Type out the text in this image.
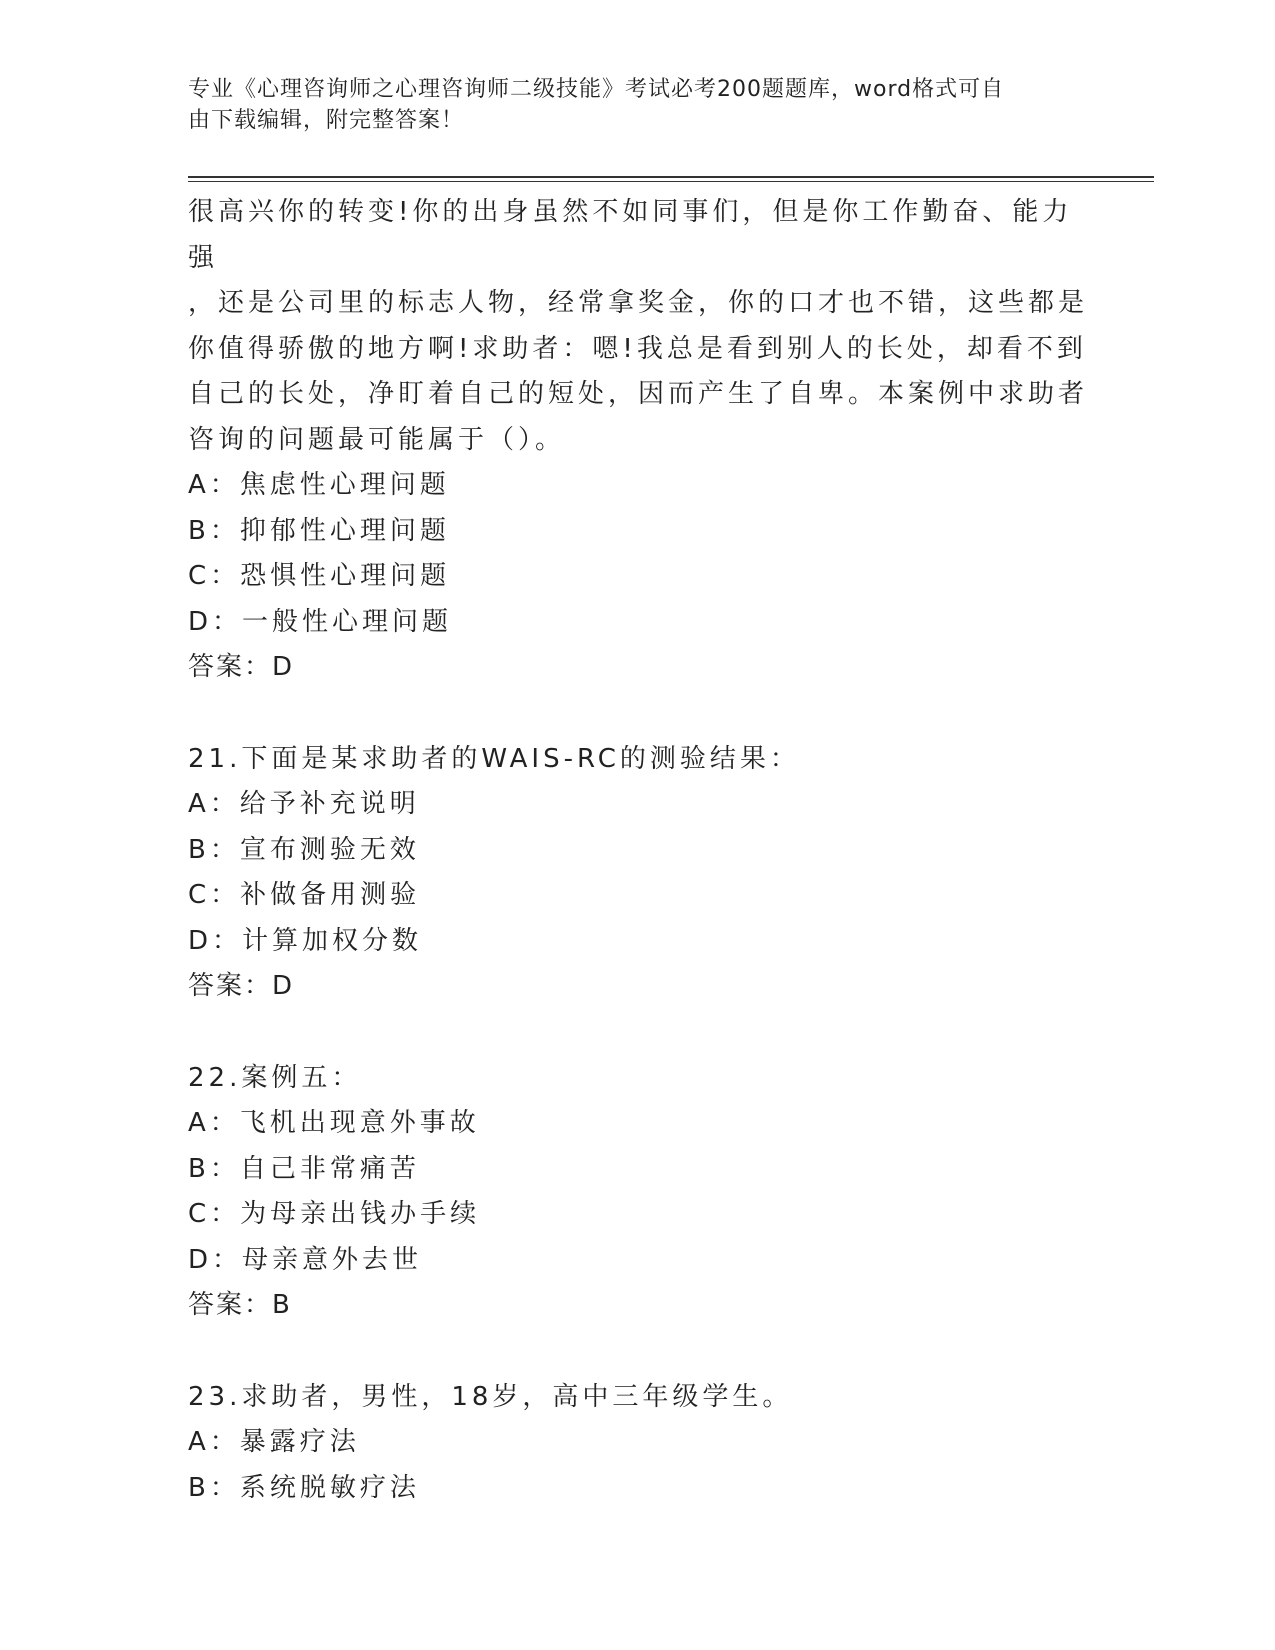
专业《心理咨询师之心理咨询师二级技能》考试必考200题题库，word格式可自
由下载编辑，附完整答案！

很高兴你的转变!你的出身虽然不如同事们，但是你工作勤奋、能力强

，还是公司里的标志人物，经常拿奖金，你的口才也不错，这些都是

你值得骄傲的地方啊!求助者：嗯!我总是看到别人的长处，却看不到

自己的长处，净盯着自己的短处，因而产生了自卑。本案例中求助者

咨询的问题最可能属于（）。

A：焦虑性心理问题

B：抑郁性心理问题

C：恐惧性心理问题

D：一般性心理问题

答案：D

21.下面是某求助者的WAIS-RC的测验结果：

A：给予补充说明

B：宣布测验无效

C：补做备用测验

D：计算加权分数

答案：D

22.案例五：

A：飞机出现意外事故

B：自己非常痛苦

C：为母亲出钱办手续

D：母亲意外去世

答案：B

23.求助者，男性，18岁，高中三年级学生。

A：暴露疗法

B：系统脱敏疗法
